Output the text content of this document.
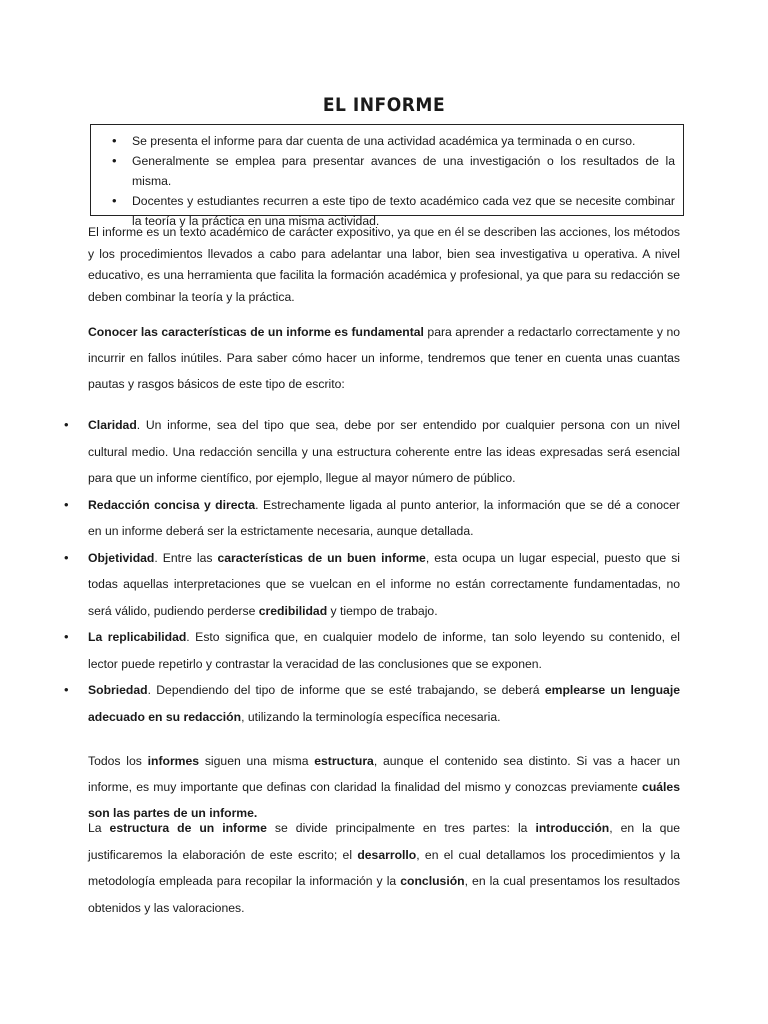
EL INFORME
• Se presenta el informe para dar cuenta de una actividad académica ya terminada o en curso.
• Generalmente se emplea para presentar avances de una investigación o los resultados de la misma.
• Docentes y estudiantes recurren a este tipo de texto académico cada vez que se necesite combinar la teoría y la práctica en una misma actividad.

El informe es un texto académico de carácter expositivo, ya que en él se describen las acciones, los métodos y los procedimientos llevados a cabo para adelantar una labor, bien sea investigativa u operativa. A nivel educativo, es una herramienta que facilita la formación académica y profesional, ya que para su redacción se deben combinar la teoría y la práctica.

Conocer las características de un informe es fundamental para aprender a redactarlo correctamente y no incurrir en fallos inútiles. Para saber cómo hacer un informe, tendremos que tener en cuenta unas cuantas pautas y rasgos básicos de este tipo de escrito:

• Claridad. Un informe, sea del tipo que sea, debe por ser entendido por cualquier persona con un nivel cultural medio. Una redacción sencilla y una estructura coherente entre las ideas expresadas será esencial para que un informe científico, por ejemplo, llegue al mayor número de público.
• Redacción concisa y directa. Estrechamente ligada al punto anterior, la información que se dé a conocer en un informe deberá ser la estrictamente necesaria, aunque detallada.
• Objetividad. Entre las características de un buen informe, esta ocupa un lugar especial, puesto que si todas aquellas interpretaciones que se vuelcan en el informe no están correctamente fundamentadas, no será válido, pudiendo perderse credibilidad y tiempo de trabajo.
• La replicabilidad. Esto significa que, en cualquier modelo de informe, tan solo leyendo su contenido, el lector puede repetirlo y contrastar la veracidad de las conclusiones que se exponen.
• Sobriedad. Dependiendo del tipo de informe que se esté trabajando, se deberá emplearse un lenguaje adecuado en su redacción, utilizando la terminología específica necesaria.

Todos los informes siguen una misma estructura, aunque el contenido sea distinto. Si vas a hacer un informe, es muy importante que definas con claridad la finalidad del mismo y conozcas previamente cuáles son las partes de un informe.

La estructura de un informe se divide principalmente en tres partes: la introducción, en la que justificaremos la elaboración de este escrito; el desarrollo, en el cual detallamos los procedimientos y la metodología empleada para recopilar la información y la conclusión, en la cual presentamos los resultados obtenidos y las valoraciones.
